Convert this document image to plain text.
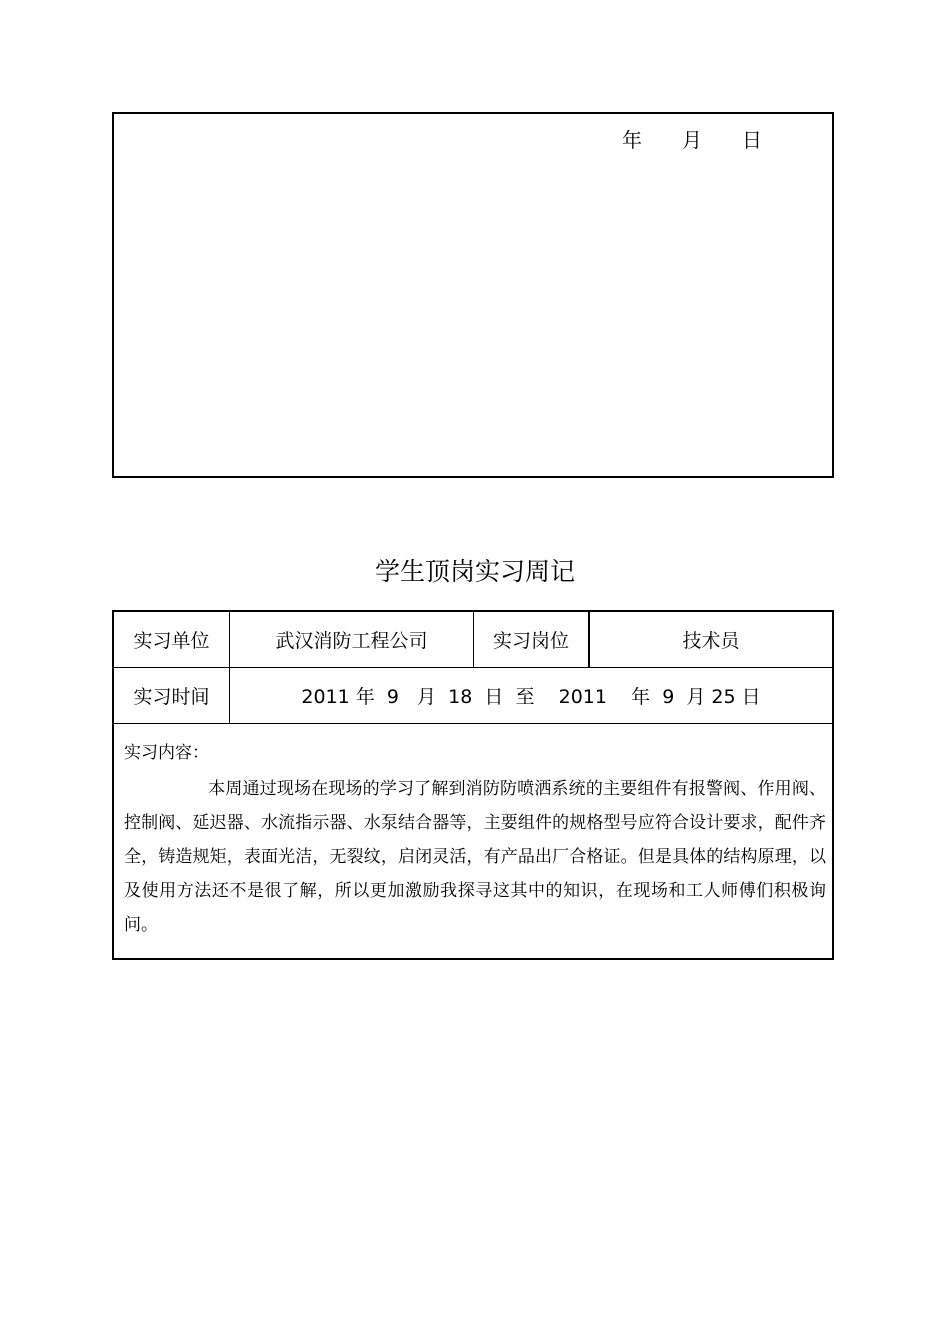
年 月 日
学生顶岗实习周记
实习单位	武汉消防工程公司	实习岗位	技术员
实习时间	2011 年  9   月  18  日  至    2011    年  9  月 25 日
实习内容：
本周通过现场在现场的学习了解到消防防喷洒系统的主要组件有报警阀、作用阀、控制阀、延迟器、水流指示器、水泵结合器等，主要组件的规格型号应符合设计要求，配件齐全，铸造规矩，表面光洁，无裂纹，启闭灵活，有产品出厂合格证。但是具体的结构原理，以及使用方法还不是很了解，所以更加激励我探寻这其中的知识，在现场和工人师傅们积极询问。
